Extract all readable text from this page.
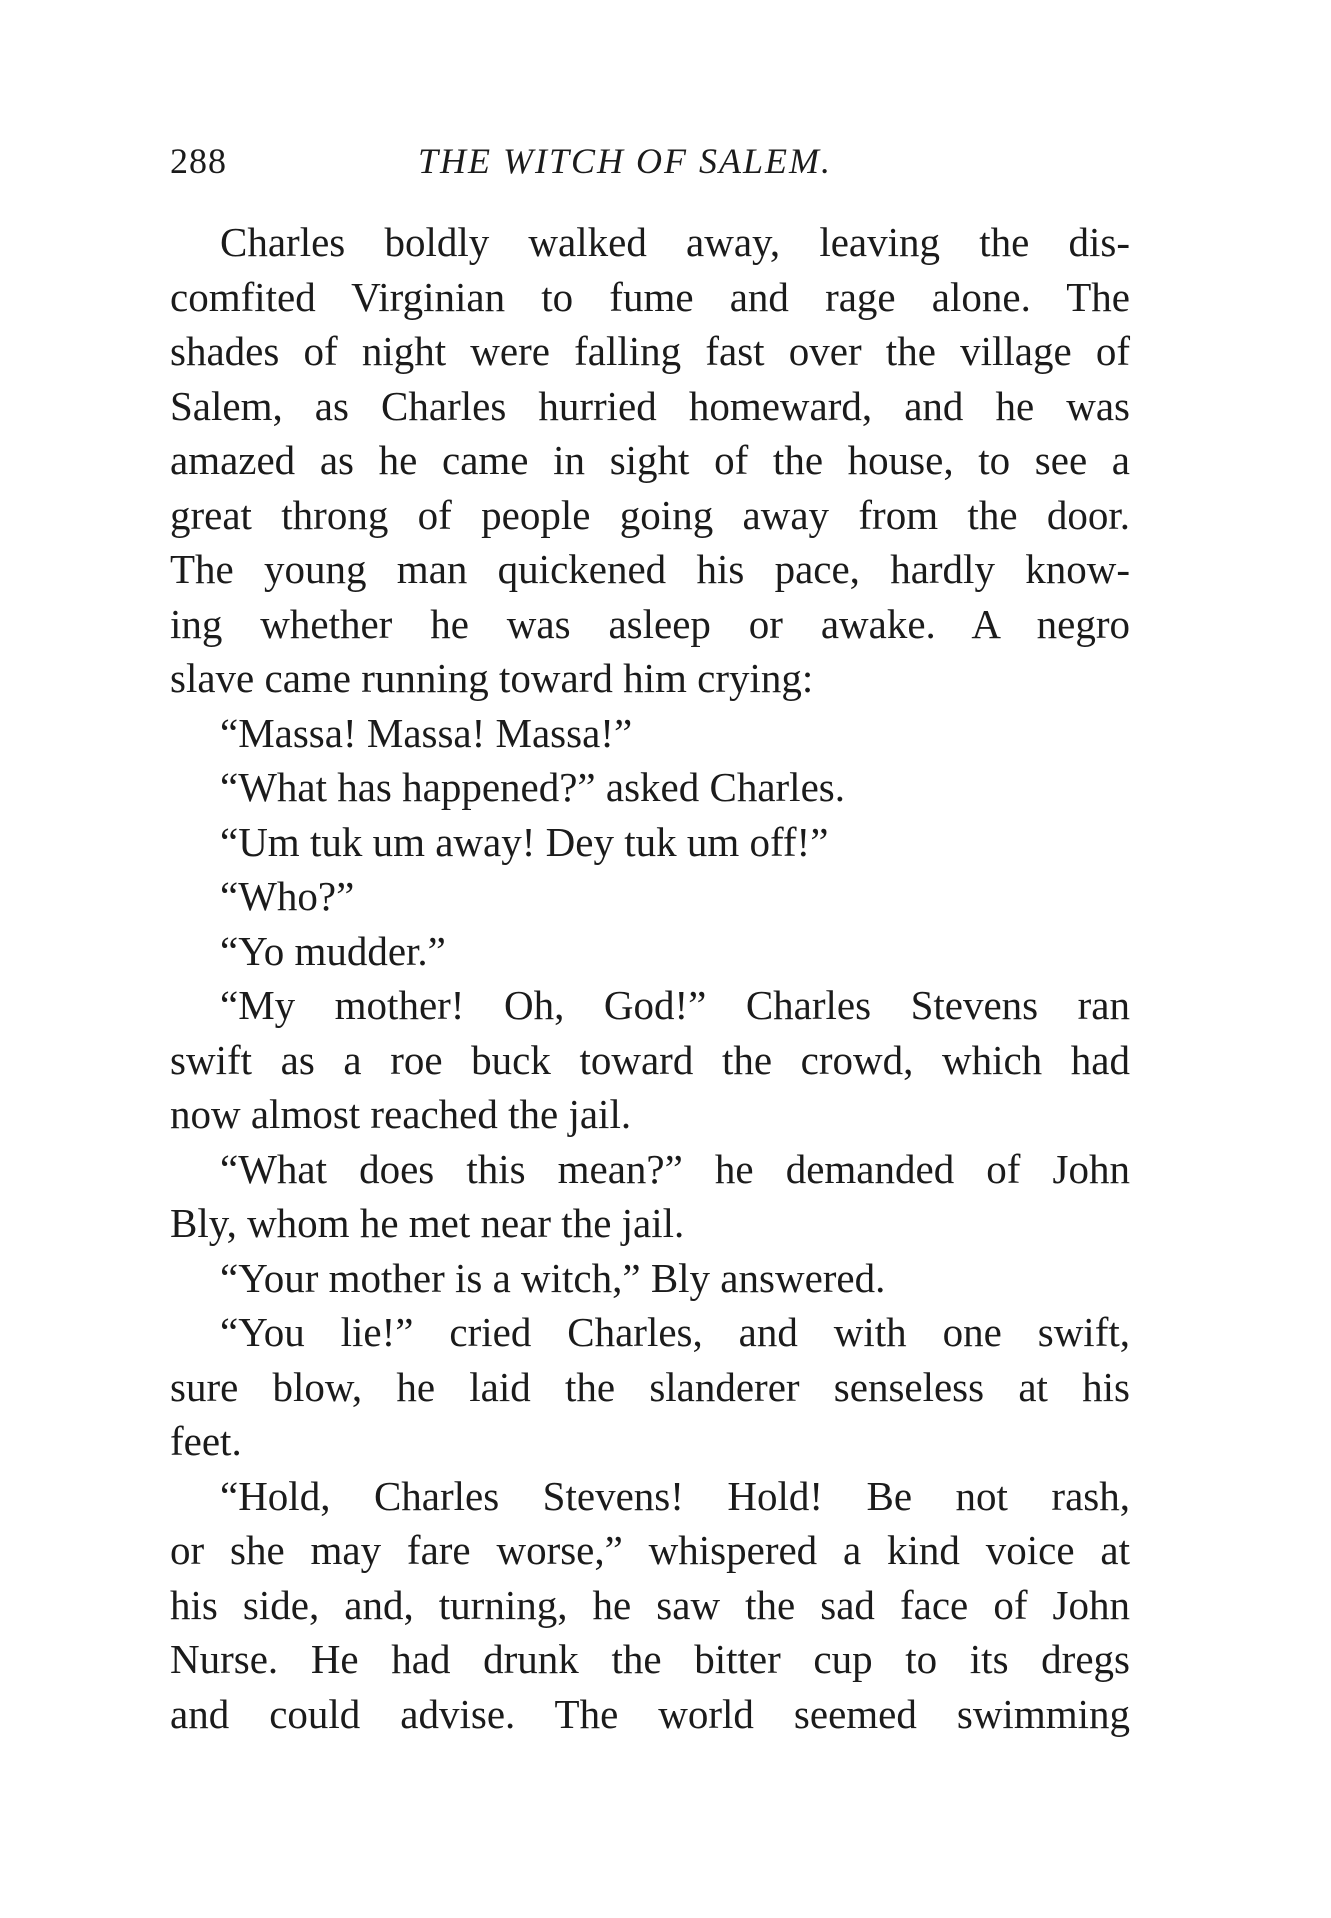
288	THE WITCH OF SALEM.
Charles boldly walked away, leaving the dis-
comfited Virginian to fume and rage alone. The
shades of night were falling fast over the village of
Salem, as Charles hurried homeward, and he was
amazed as he came in sight of the house, to see a
great throng of people going away from the door.
The young man quickened his pace, hardly know-
ing whether he was asleep or awake. A negro
slave came running toward him crying:
“Massa! Massa! Massa!”
“What has happened?” asked Charles.
“Um tuk um away! Dey tuk um off!”
“Who?”
“Yo mudder.”
“My mother! Oh, God!” Charles Stevens ran
swift as a roe buck toward the crowd, which had
now almost reached the jail.
“What does this mean?” he demanded of John
Bly, whom he met near the jail.
“Your mother is a witch,” Bly answered.
“You lie!” cried Charles, and with one swift,
sure blow, he laid the slanderer senseless at his
feet.
“Hold, Charles Stevens! Hold! Be not rash,
or she may fare worse,” whispered a kind voice at
his side, and, turning, he saw the sad face of John
Nurse. He had drunk the bitter cup to its dregs
and could advise. The world seemed swimming
